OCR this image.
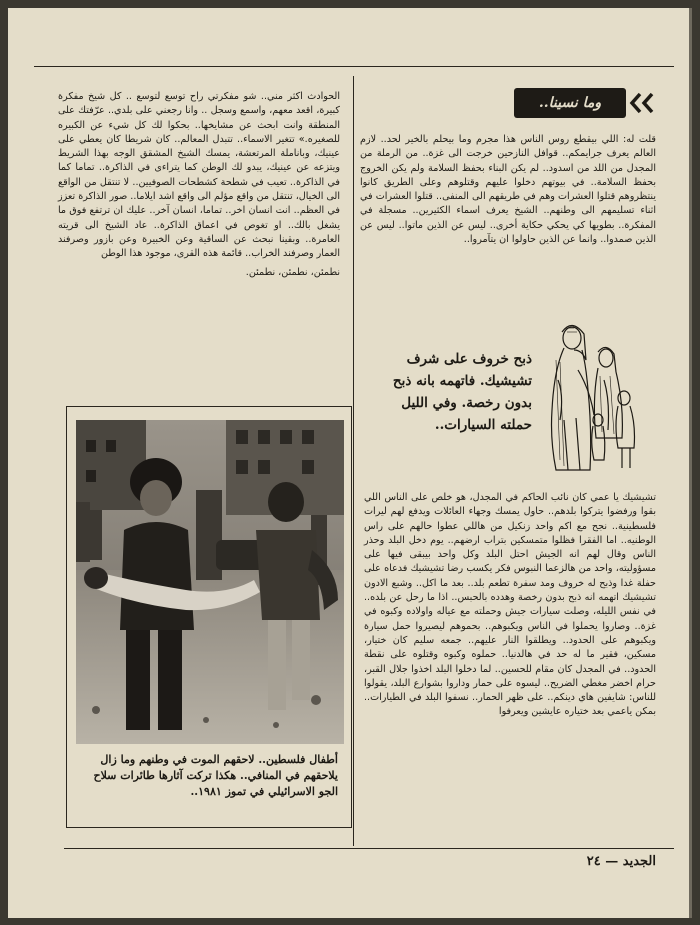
وما نسينا..

الحوادث اكثر مني.. شو مفكرتي راح توسع لتوسع .. كل شيخ مفكرة كبيرة، اقعد معهم، واسمع وسجل .. وانا رجعني على بلدي.. عرّفتك على المنطقة وانت ابحث عن مشايخها.. بحكوا لك كل شيء عن الكبيره للصغيره.» تتغير الاسماء.. تتبدل المعالم.. كان شريطا كان يعطي على عينيك، وباناملة المرتعشة، يمسك الشيخ المشقق الوجه بهذا الشريط ويتزعه عن عينيك، يبدو لك الوطن كما يتراءى في الذاكرة.. تماما كما في الذاكرة.. تعيب في شطحة كشطحات الصوفيين.. لا تنتقل من الواقع الى الخيال، تنتقل من واقع مؤلم الى واقع اشد ايلاما.. صور الذاكرة تعزز في العظم.. انت انسان اخر.. تماما، انسان آخر.. عليك ان ترتفع فوق ما يشغل بالك.. او تغوص في اعماق الذاكرة.. عاد الشيخ الى قريته العامرة.. وبقينا نبحث عن الساقية وعن الخبيرة وعن بازور وصرفند العمار وصرفند الخراب.. قائمة هذه القرى، موجود هذا الوطن

نطمئن، نطمئن، نطمئن.

قلت له: اللي بيقطع روس الناس هذا مجرم وما بيحلم بالخير لحد.. لازم العالم يعرف جرايمكم.. قوافل النازحين خرجت الى غزة.. من الرملة من المجدل من اللد من اسدود.. لم يكن البناء بحفظ السلامة ولم يكن الخروج بحفظ السلامة.. في بيوتهم دخلوا عليهم وقتلوهم وعلى الطريق كانوا ينتظروهم قتلوا العشرات وهم في طريقهم الى المنفى.. قتلوا العشرات في اثناء تسليمهم الى وطنهم.. الشيخ يعرف اسماء الكثيرين.. مسجلة في المفكرة.. بطويها كي يحكي حكاية أخرى.. ليس عن الذين ماتوا.. ليس عن الذين صمدوا.. وانما عن الذين حاولوا ان يتآمروا..

ذبح خروف على شرف تشيشيك. فاتهمه بانه ذبح بدون رخصة. وفي الليل حملته السيارات..

تشيشيك يا عمي كان نائب الحاكم في المجدل، هو خلص على الناس اللي بقوا ورفضوا يتركوا بلدهم.. حاول يمسك وجهاء العائلات ويدفع لهم ليرات فلسطينية.. نجح مع اكم واحد زنكيل من هاللي عطوا حالهم على راس الوطنيه.. اما الفقرا فظلوا متمسكين بتراب ارضهم.. يوم دخل البلد وحذر الناس وقال لهم انه الجيش احتل البلد وكل واحد بيبقى فيها على مسؤوليته، واحد من هالزعما النبوس فكر يكسب رضا تشيشيك فدعاه على حفلة غدا وذبح له خروف ومد سفرة تطعم بلد.. بعد ما اكل.. وشبع الادون تشيشيك اتهمه انه ذبح بدون رخصة وهدده بالحبس.. اذا ما رحل عن بلده.. في نفس الليله، وصلت سيارات جيش وحملته مع عياله واولاده وكبوه في غزة.. وصاروا يحملوا في الناس ويكبوهم.. بحموهم ليصيروا حمل سيارة ويكبوهم على الحدود.. ويطلقوا النار عليهم.. جمعه سليم كان ختيار، مسكين، فقير ما له حد في هالدنيا.. حملوه وكبوه وقتلوه على نقطة الحدود.. في المجدل كان مقام للحسين.. لما دخلوا البلد اخذوا جلال القبر، حرام اخضر مغطي الضريح.. ليسوه على حمار وداروا بشوارع البلد، يقولوا للناس: شايفين هاي دينكم.. على ظهر الحمار.. نسفوا البلد في الطيارات.. بمكن ياعمي بعد ختياره عايشين ويعرفوا

أطفال فلسطين.. لاحقهم الموت في وطنهم وما زال يلاحقهم في المنافي.. هكذا تركت آثارها طائرات سلاح الجو الاسرائيلي في تموز ١٩٨١..

الجديد — ٢٤
